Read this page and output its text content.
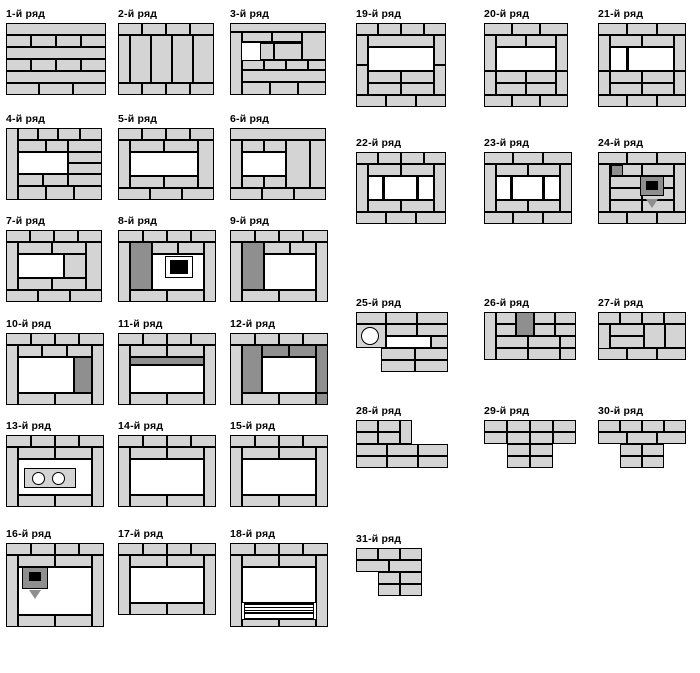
1-й ряд	2-й ряд	3-й ряд	19-й ряд	20-й ряд	21-й ряд
4-й ряд	5-й ряд	6-й ряд
22-й ряд	23-й ряд	24-й ряд
7-й ряд	8-й ряд	9-й ряд
25-й ряд	26-й ряд	27-й ряд
10-й ряд	11-й ряд	12-й ряд
28-й ряд	29-й ряд	30-й ряд
13-й ряд	14-й ряд	15-й ряд
31-й ряд
16-й ряд	17-й ряд	18-й ряд
